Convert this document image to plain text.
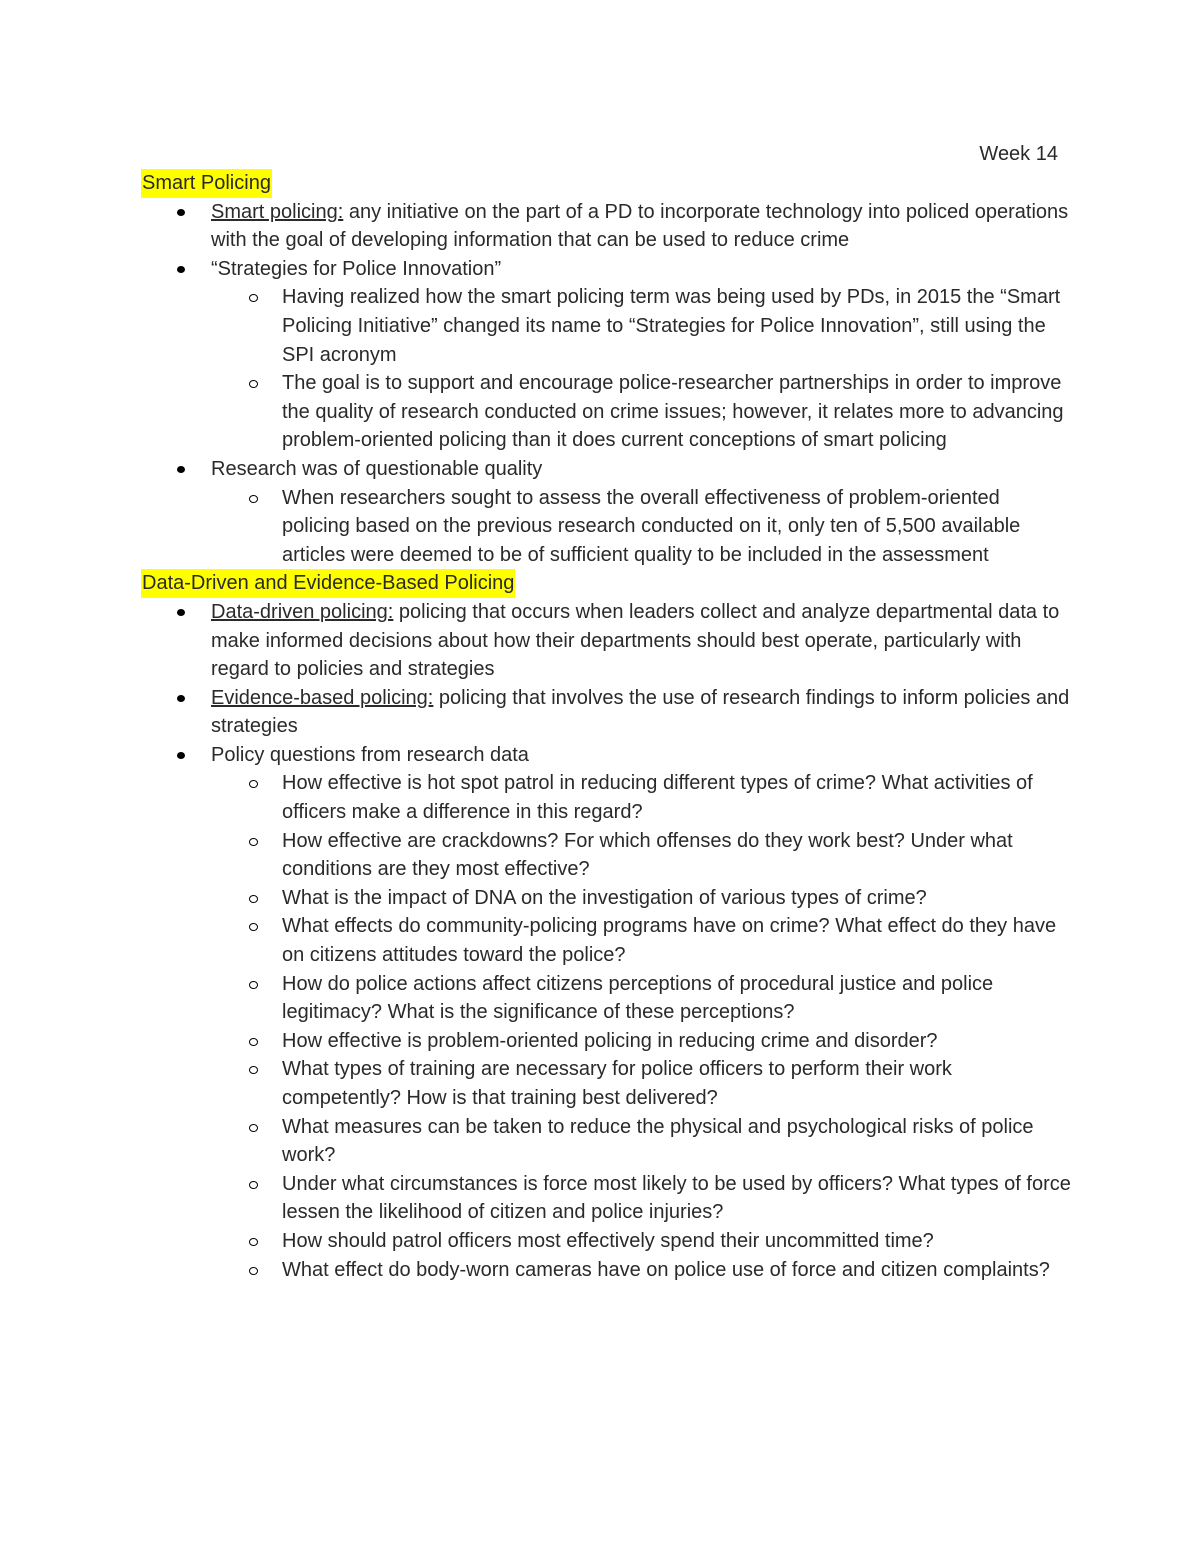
Week 14
Smart Policing
Smart policing: any initiative on the part of a PD to incorporate technology into policed operations with the goal of developing information that can be used to reduce crime
“Strategies for Police Innovation”
Having realized how the smart policing term was being used by PDs, in 2015 the “Smart Policing Initiative” changed its name to “Strategies for Police Innovation”, still using the SPI acronym
The goal is to support and encourage police-researcher partnerships in order to improve the quality of research conducted on crime issues; however, it relates more to advancing problem-oriented policing than it does current conceptions of smart policing
Research was of questionable quality
When researchers sought to assess the overall effectiveness of problem-oriented policing based on the previous research conducted on it, only ten of 5,500 available articles were deemed to be of sufficient quality to be included in the assessment
Data-Driven and Evidence-Based Policing
Data-driven policing: policing that occurs when leaders collect and analyze departmental data to make informed decisions about how their departments should best operate, particularly with regard to policies and strategies
Evidence-based policing: policing that involves the use of research findings to inform policies and strategies
Policy questions from research data
How effective is hot spot patrol in reducing different types of crime? What activities of officers make a difference in this regard?
How effective are crackdowns? For which offenses do they work best? Under what conditions are they most effective?
What is the impact of DNA on the investigation of various types of crime?
What effects do community-policing programs have on crime? What effect do they have on citizens attitudes toward the police?
How do police actions affect citizens perceptions of procedural justice and police legitimacy? What is the significance of these perceptions?
How effective is problem-oriented policing in reducing crime and disorder?
What types of training are necessary for police officers to perform their work competently? How is that training best delivered?
What measures can be taken to reduce the physical and psychological risks of police work?
Under what circumstances is force most likely to be used by officers? What types of force lessen the likelihood of citizen and police injuries?
How should patrol officers most effectively spend their uncommitted time?
What effect do body-worn cameras have on police use of force and citizen complaints?
